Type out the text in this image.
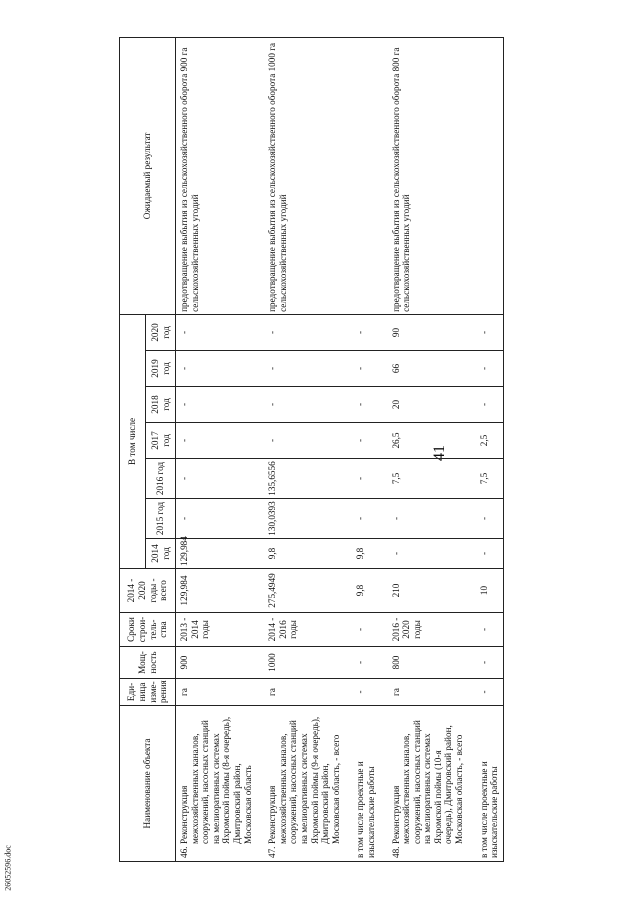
41
26052596.doc
Наименование объекта	Еди-ница изме-рения	Мощ-ность	Сроки строи-тель-ства	2014 - 2020 годы - всего	В том числе							Ожидаемый результат
					2014 год	2015 год	2016 год	2017 год	2018 год	2019 год	2020 год	
46.Реконструкция межхозяйственных каналов, сооружений, насосных станций на мелиоративных системах Яхромской поймы (8-я очередь), Дмитровский район, Московская область	га	900	2013 - 2014 годы	129,984	129,984	-	-	-	-	-	-	предотвращение выбытия из сельскохозяйственного оборота 900 га сельскохозяйственных угодий

47.Реконструкция межхозяйственных каналов, сооружений, насосных станций на мелиоративных системах Яхромской поймы (9-я очередь), Дмитровский район, Московская область, - всего	га	1000	2014 - 2016 годы	275,4949	9,8	130,0393	135,6556	-	-	-	-	предотвращение выбытия из сельскохозяйственного оборота 1000 га сельскохозяйственных угодий

в том числе проектные и изыскательские работы	-	-	-	9,8	9,8	-	-	-	-	-	-	

48.Реконструкция межхозяйственных каналов, сооружений, насосных станций на мелиоративных системах Яхромской поймы (10-я очередь), Дмитровский район, Московская область, - всего	га	800	2016 - 2020 годы	210	-	-	7,5	26,5	20	66	90	предотвращение выбытия из сельскохозяйственного оборота 800 га сельскохозяйственных угодий

в том числе проектные и изыскательские работы	-	-	-	10	-	-	7,5	2,5	-	-	-	
